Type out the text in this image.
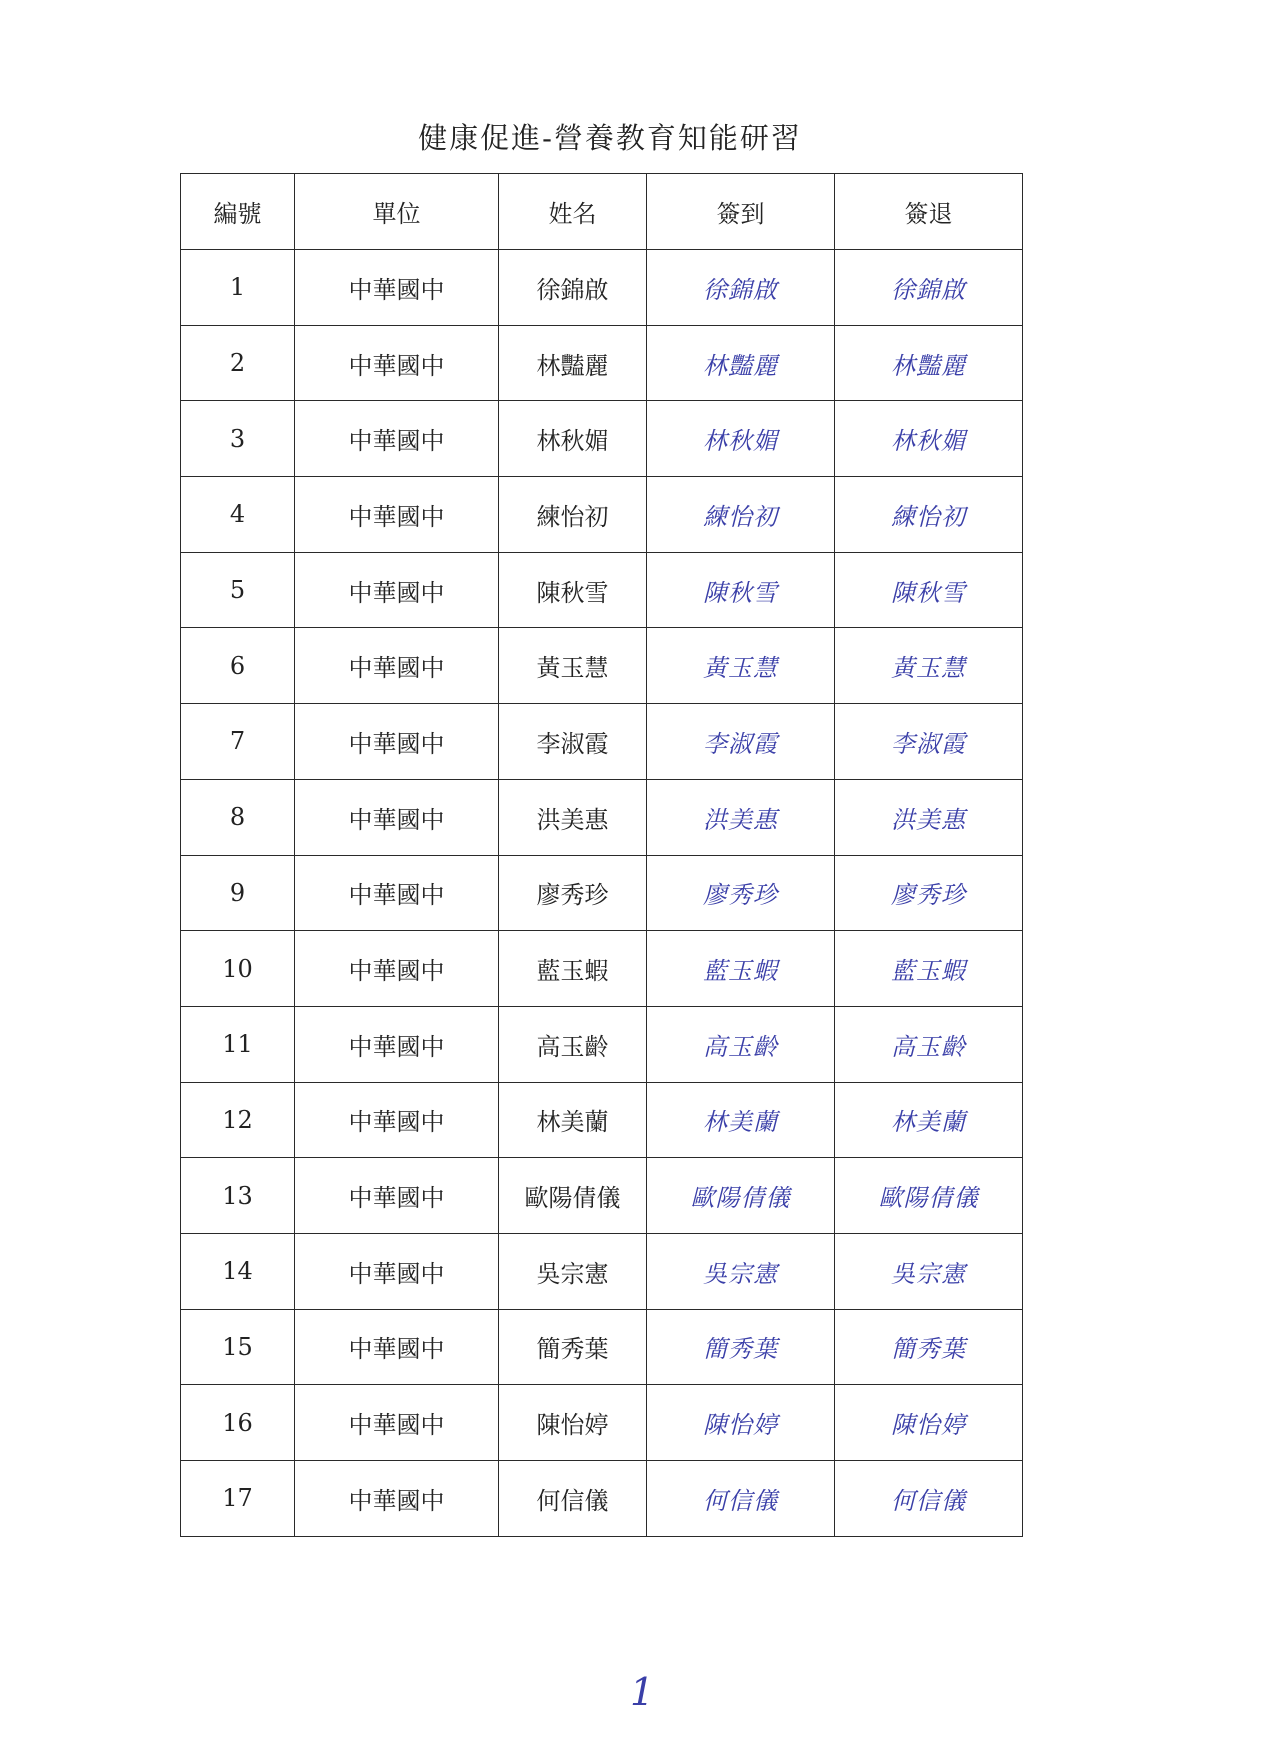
健康促進-營養教育知能研習
編號	單位	姓名	簽到	簽退
1	中華國中	徐錦啟	徐錦啟	徐錦啟
2	中華國中	林豔麗	林豔麗	林豔麗
3	中華國中	林秋媚	林秋媚	林秋媚
4	中華國中	練怡初	練怡初	練怡初
5	中華國中	陳秋雪	陳秋雪	陳秋雪
6	中華國中	黃玉慧	黃玉慧	黃玉慧
7	中華國中	李淑霞	李淑霞	李淑霞
8	中華國中	洪美惠	洪美惠	洪美惠
9	中華國中	廖秀珍	廖秀珍	廖秀珍
10	中華國中	藍玉蝦	藍玉蝦	藍玉蝦
11	中華國中	高玉齡	高玉齡	高玉齡
12	中華國中	林美蘭	林美蘭	林美蘭
13	中華國中	歐陽倩儀	歐陽倩儀	歐陽倩儀
14	中華國中	吳宗憲	吳宗憲	吳宗憲
15	中華國中	簡秀葉	簡秀葉	簡秀葉
16	中華國中	陳怡婷	陳怡婷	陳怡婷
17	中華國中	何信儀	何信儀	何信儀
1
